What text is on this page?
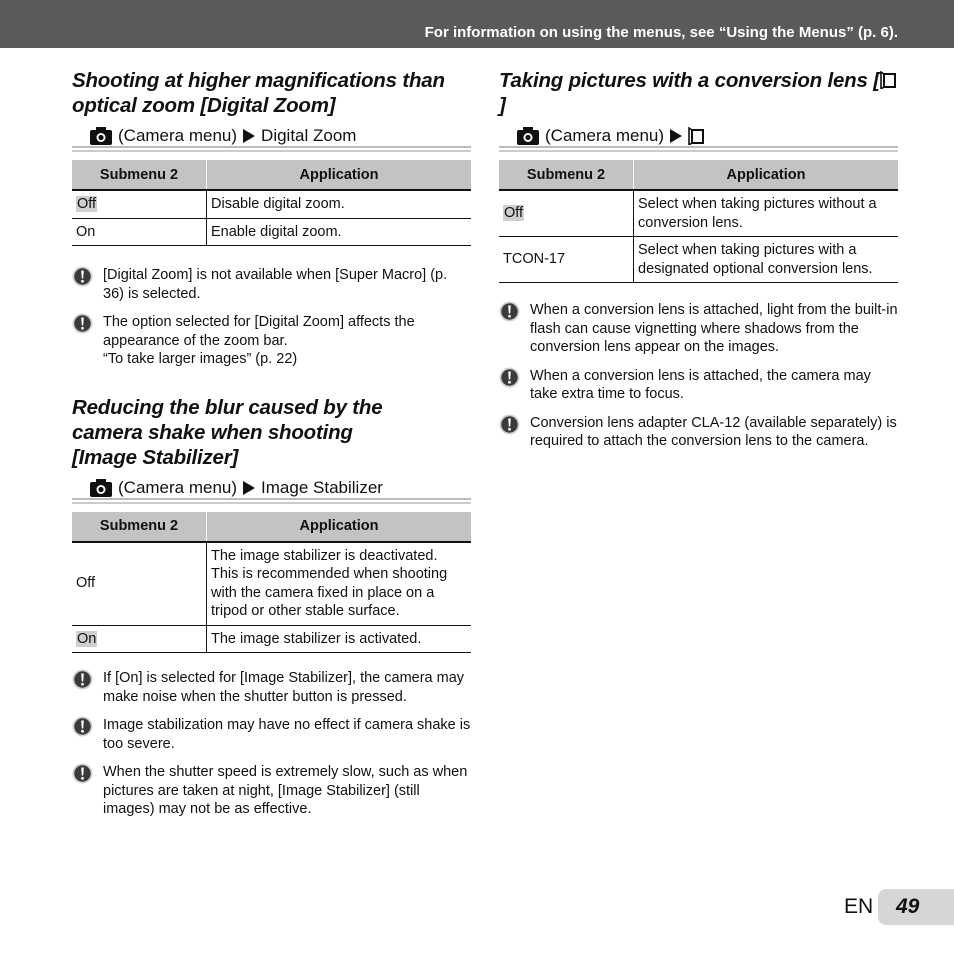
For information on using the menus, see “Using the Menus” (p. 6).
Shooting at higher magnifications than optical zoom [Digital Zoom]
(Camera menu) Digital Zoom
Submenu 2	Application
Off	Disable digital zoom.
On	Enable digital zoom.
[Digital Zoom] is not available when [Super Macro] (p. 36) is selected.
The option selected for [Digital Zoom] affects the appearance of the zoom bar.
“To take larger images” (p. 22)
Reducing the blur caused by the camera shake when shooting [Image Stabilizer]
(Camera menu) Image Stabilizer
Submenu 2	Application
Off	The image stabilizer is deactivated. This is recommended when shooting with the camera fixed in place on a tripod or other stable surface.
On	The image stabilizer is activated.
If [On] is selected for [Image Stabilizer], the camera may make noise when the shutter button is pressed.
Image stabilization may have no effect if camera shake is too severe.
When the shutter speed is extremely slow, such as when pictures are taken at night, [Image Stabilizer] (still images) may not be as effective.
Taking pictures with a conversion lens []
(Camera menu)
Submenu 2	Application
Off	Select when taking pictures without a conversion lens.
TCON-17	Select when taking pictures with a designated optional conversion lens.
When a conversion lens is attached, light from the built-in flash can cause vignetting where shadows from the conversion lens appear on the images.
When a conversion lens is attached, the camera may take extra time to focus.
Conversion lens adapter CLA-12 (available separately) is required to attach the conversion lens to the camera.
EN 49
